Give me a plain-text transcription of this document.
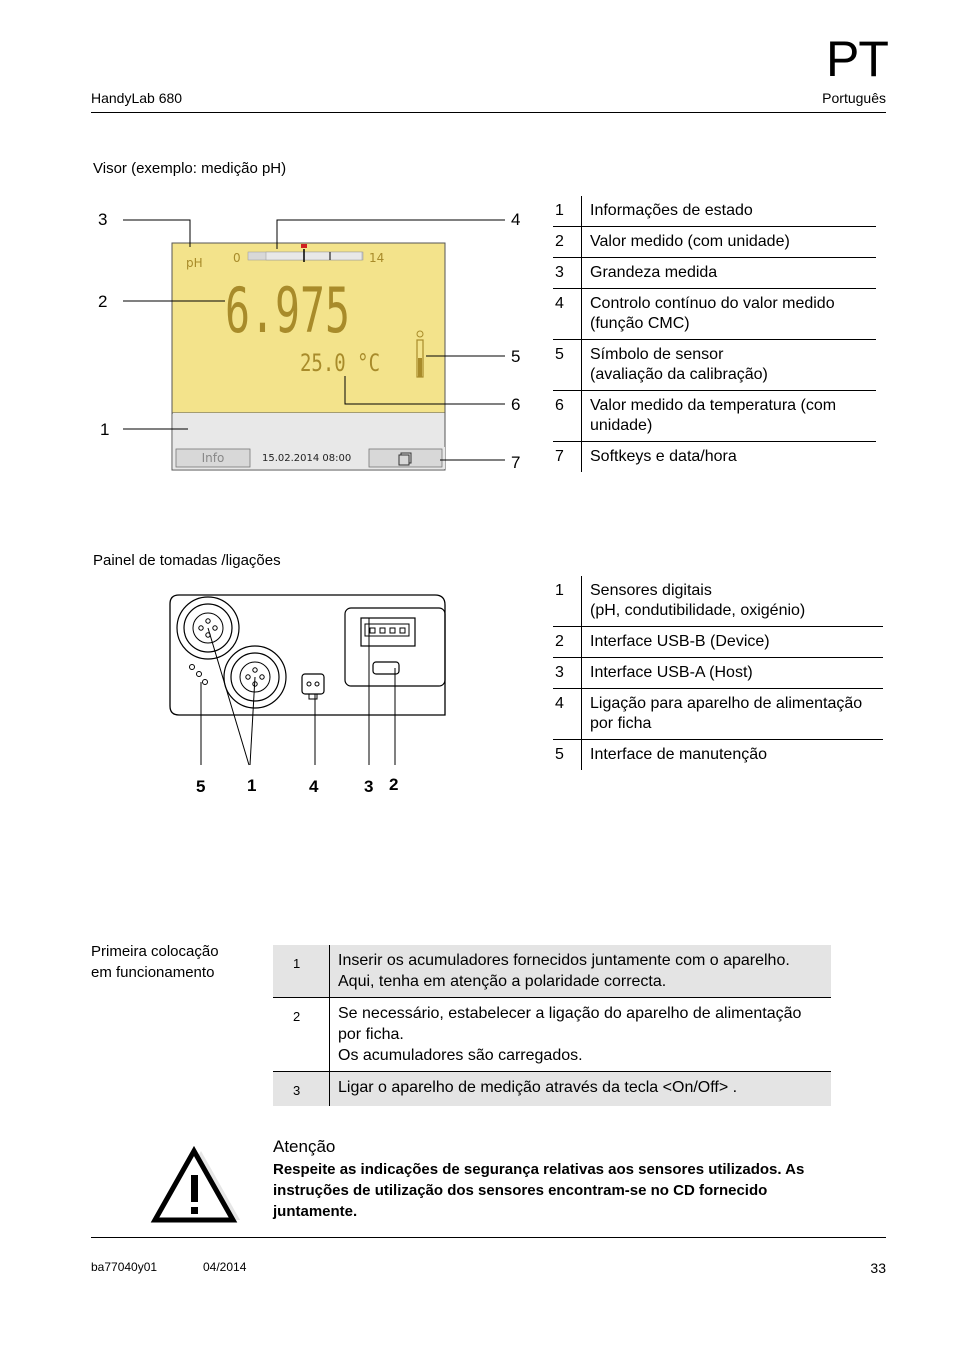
PT
HandyLab 680	Português
Visor (exemplo: medição pH)
pH	0	14
6.975
25.0 °C
Info	15.02.2014 08:00
3
2
1
4
5
6
7
1	Informações de estado
2	Valor medido (com unidade)
3	Grandeza medida
4	Controlo contínuo do valor medido (função CMC)
5	Símbolo de sensor
(avaliação da calibração)
6	Valor medido da temperatura (com unidade)
7	Softkeys e data/hora
Painel de tomadas /ligações
5 1	4	3 2
1	Sensores digitais
(pH, condutibilidade, oxigénio)
2	Interface USB-B (Device)
3	Interface USB-A (Host)
4	Ligação para aparelho de alimentação por ficha
5	Interface de manutenção
Primeira colocação em funcionamento
1	Inserir os acumuladores fornecidos juntamente com o aparelho. Aqui, tenha em atenção a polaridade correcta.
2	Se necessário, estabelecer a ligação do aparelho de alimentação por ficha.
Os acumuladores são carregados.
3	Ligar o aparelho de medição através da tecla <On/Off> .
Atenção
Respeite as indicações de segurança relativas aos sensores utilizados. As instruções de utilização dos sensores encontram-se no CD fornecido juntamente.
ba77040y01	04/2014	33
